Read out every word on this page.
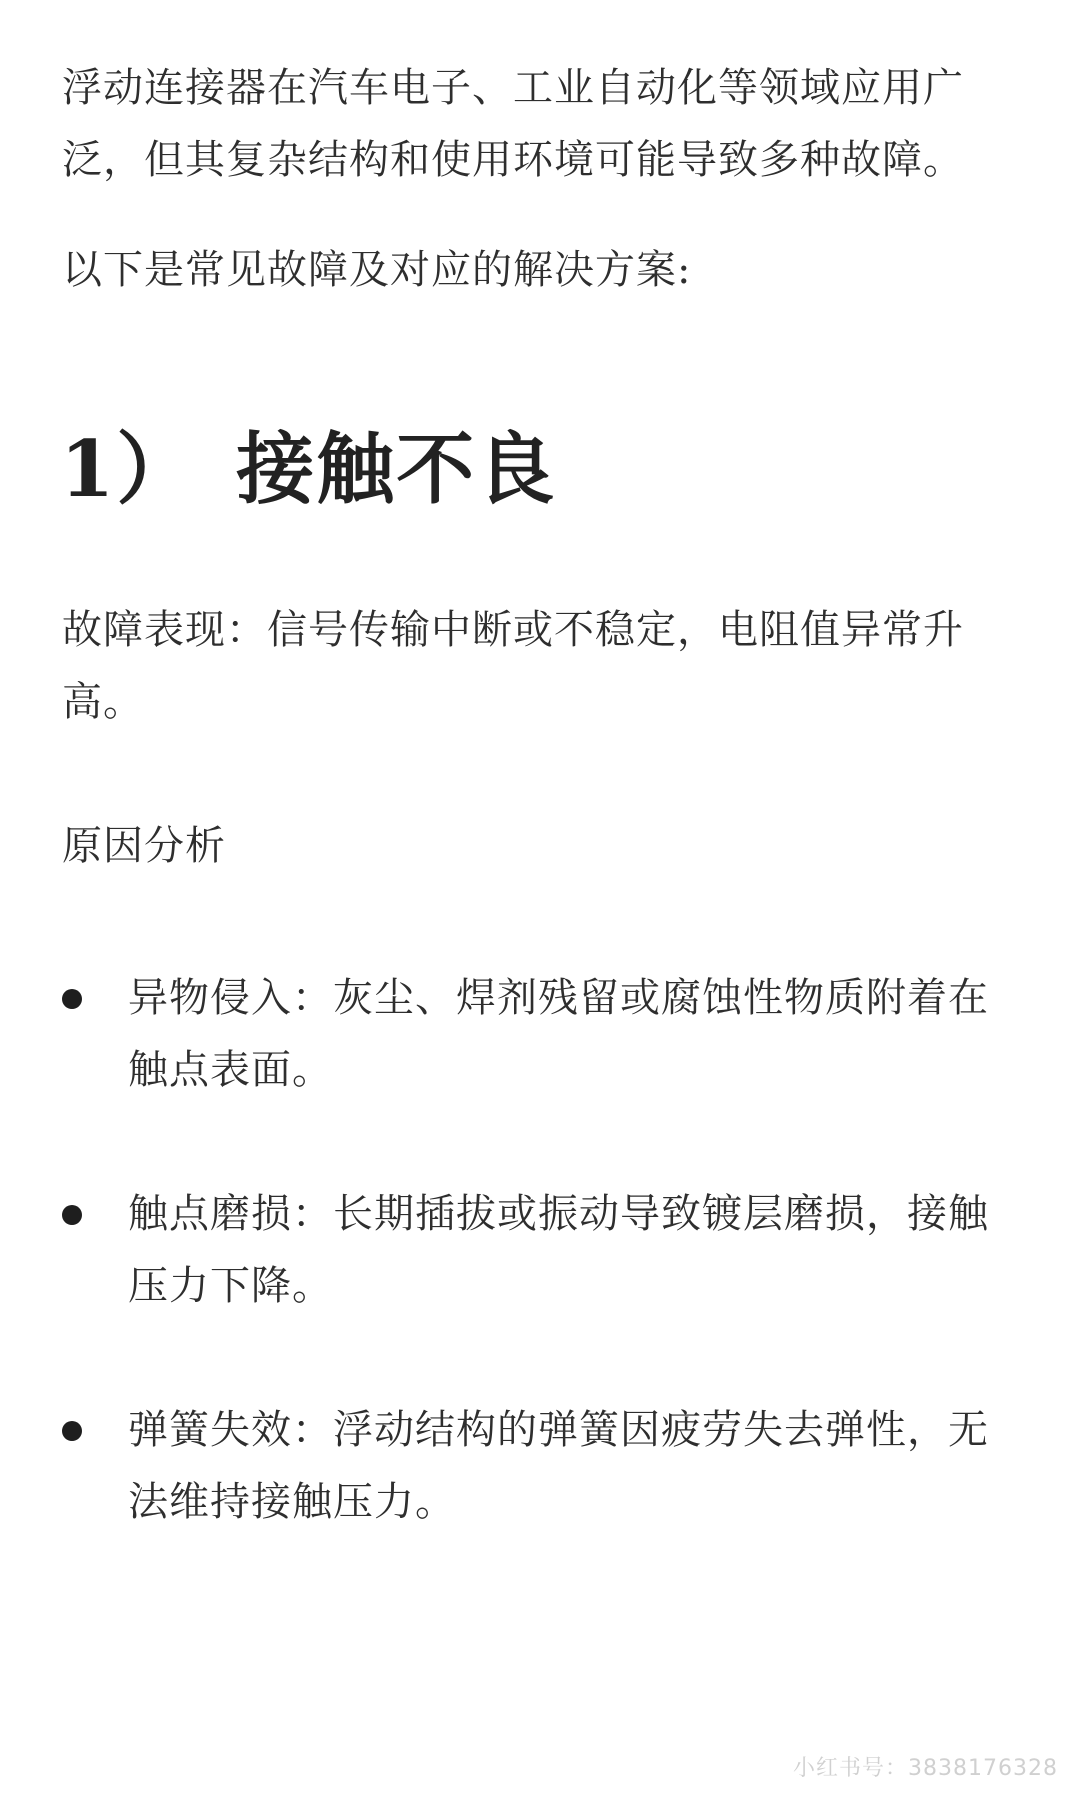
浮动连接器在汽车电子、工业自动化等领域应用广泛，但其复杂结构和使用环境可能导致多种故障。

以下是常见故障及对应的解决方案:

1） 接触不良

故障表现：信号传输中断或不稳定，电阻值异常升高。

原因分析

异物侵入：灰尘、焊剂残留或腐蚀性物质附着在触点表面。

触点磨损：长期插拔或振动导致镀层磨损，接触压力下降。

弹簧失效：浮动结构的弹簧因疲劳失去弹性，无法维持接触压力。

小红书号：3838176328
